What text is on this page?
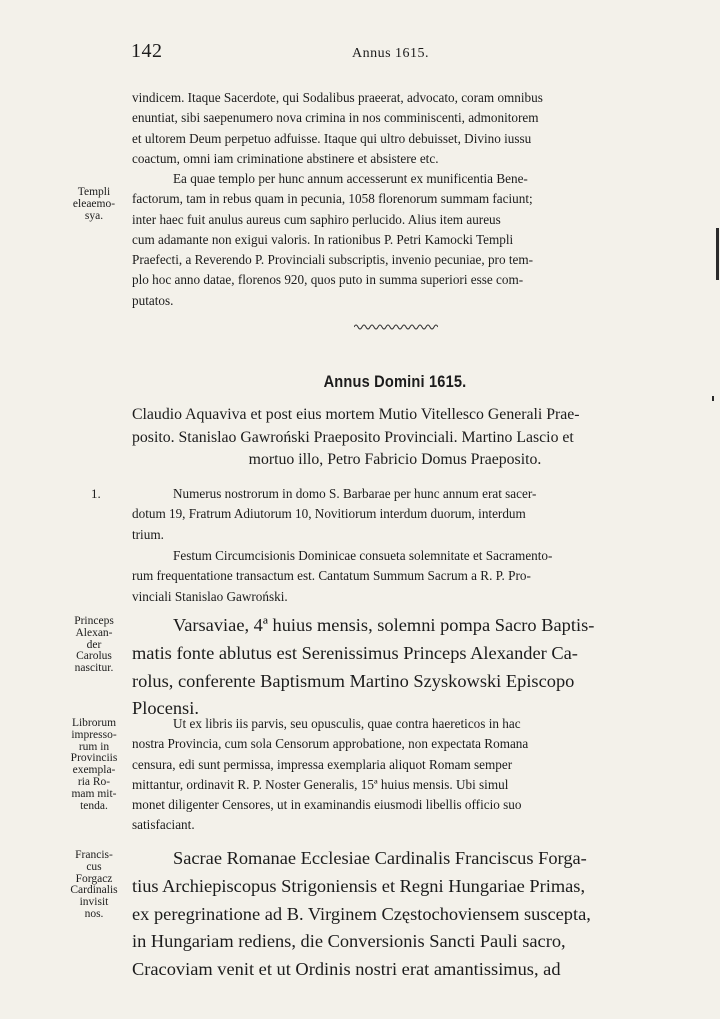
142	Annus 1615.

vindicem. Itaque Sacerdote, qui Sodalibus praeerat, advocato, coram omnibus

enuntiat, sibi saepenumero nova crimina in nos comminiscenti, admonitorem

et ultorem Deum perpetuo adfuisse. Itaque qui ultro debuisset, Divino iussu

coactum, omni iam criminatione abstinere et absistere etc.

Templi
eleaemo-
sya.

Ea quae templo per hunc annum accesserunt ex munificentia Bene-

factorum, tam in rebus quam in pecunia, 1058 florenorum summam faciunt;

inter haec fuit anulus aureus cum saphiro perlucido. Alius item aureus

cum adamante non exigui valoris. In rationibus P. Petri Kamocki Templi

Praefecti, a Reverendo P. Provinciali subscriptis, invenio pecuniae, pro tem-

plo hoc anno datae, florenos 920, quos puto in summa superiori esse com-

putatos.

Annus Domini 1615.

Claudio Aquaviva et post eius mortem Mutio Vitellesco Generali Prae-

posito. Stanislao Gawroński Praeposito Provinciali. Martino Lascio et

mortuo illo, Petro Fabricio Domus Praeposito.

1.	Numerus nostrorum in domo S. Barbarae per hunc annum erat sacer-

dotum 19, Fratrum Adiutorum 10, Novitiorum interdum duorum, interdum

trium.

Festum Circumcisionis Dominicae consueta solemnitate et Sacramento-

rum frequentatione transactum est. Cantatum Summum Sacrum a R. P. Pro-

vinciali Stanislao Gawroński.

Princeps
Alexan-
der
Carolus
nascitur.

Varsaviae, 4ª huius mensis, solemni pompa Sacro Baptis-

matis fonte ablutus est Serenissimus Princeps Alexander Ca-

rolus, conferente Baptismum Martino Szyskowski Episcopo

Plocensi.

Librorum
impresso-
rum in
Provinciis
exempla-
ria Ro-
mam mit-
tenda.

Ut ex libris iis parvis, seu opusculis, quae contra haereticos in hac

nostra Provincia, cum sola Censorum approbatione, non expectata Romana

censura, edi sunt permissa, impressa exemplaria aliquot Romam semper

mittantur, ordinavit R. P. Noster Generalis, 15ª huius mensis. Ubi simul

monet diligenter Censores, ut in examinandis eiusmodi libellis officio suo

satisfaciant.

Francis-
cus
Forgacz
Cardinalis
invisit
nos.

Sacrae Romanae Ecclesiae Cardinalis Franciscus Forga-

tius Archiepiscopus Strigoniensis et Regni Hungariae Primas,

ex peregrinatione ad B. Virginem Częstochoviensem suscepta,

in Hungariam rediens, die Conversionis Sancti Pauli sacro,

Cracoviam venit et ut Ordinis nostri erat amantissimus, ad
